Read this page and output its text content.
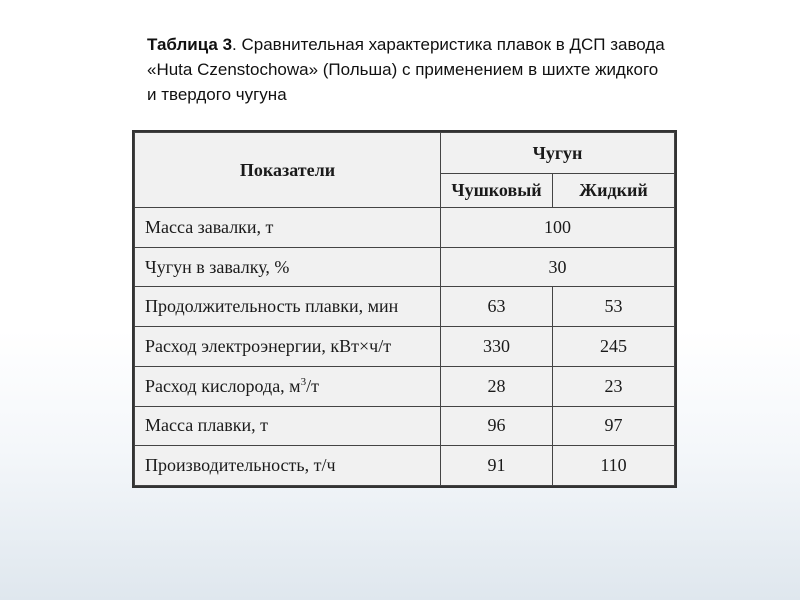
Таблица 3. Сравнительная характеристика плавок в ДСП завода «Huta Czenstochowa» (Польша) с применением в шихте жидкого и твердого чугуна
Показатели	Чугун	
	Чушковый	Жидкий
Масса завалки, т	100	
Чугун в завалку, %	30	
Продолжительность плавки, мин	63	53
Расход электроэнергии, кВт×ч/т	330	245
Расход кислорода, $м^3/т$	28	23
Масса плавки, т	96	97
Производительность, т/ч	91	110
